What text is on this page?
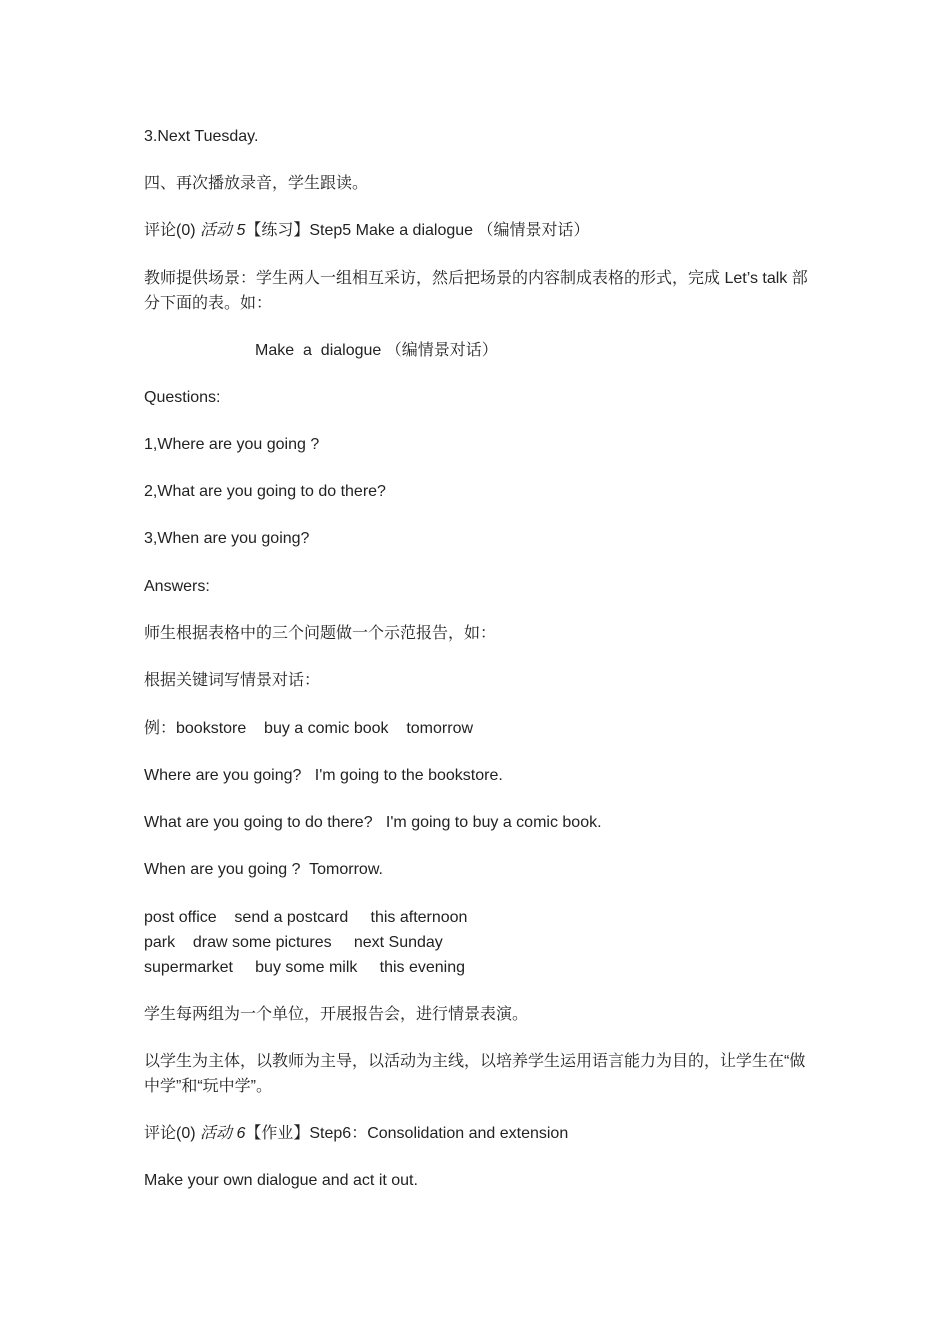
3.Next Tuesday.
四、再次播放录音，学生跟读。
评论(0) 活动 5【练习】Step5 Make a dialogue （编情景对话）
教师提供场景：学生两人一组相互采访，然后把场景的内容制成表格的形式，完成 Let’s talk 部分下面的表。如：
Make  a  dialogue （编情景对话）
Questions:
1,Where are you going ?
2,What are you going to do there?
3,When are you going?
Answers:
师生根据表格中的三个问题做一个示范报告，如：
根据关键词写情景对话：
例：bookstore    buy a comic book    tomorrow
Where are you going?   I'm going to the bookstore.
What are you going to do there?   I'm going to buy a comic book.
When are you going ?  Tomorrow.
post office    send a postcard     this afternoon
park    draw some pictures     next Sunday
supermarket     buy some milk     this evening
学生每两组为一个单位，开展报告会，进行情景表演。
以学生为主体，以教师为主导，以活动为主线，以培养学生运用语言能力为目的，让学生在“做中学”和“玩中学”。
评论(0) 活动 6【作业】Step6：Consolidation and extension
Make your own dialogue and act it out.
